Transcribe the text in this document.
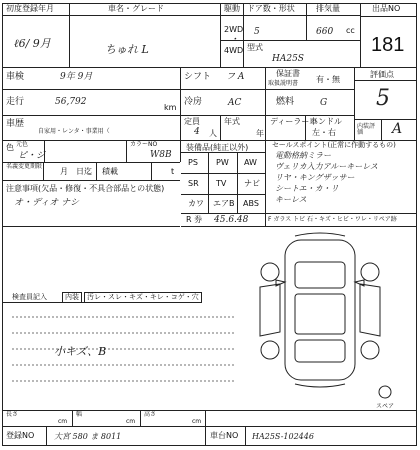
初度登録年月	車名・グレード	駆動 ドア数・形状	排気量	出品NO
181
2WD
4WD
・
ℓ6/ 9月	ちゅれ L
5	660 cc
型式
HA25S
車検	9年 9月	シフト フ A	保証書
取扱説明書 有・無
評価点
5
走行	56,792
km
冷房	AC	燃料	G
車歴
自家用・レンタ・事業用（
定員
4 人
年式
年
ディーラー車
ハンドル
左・右
内装評価	A
色 元色
ピ・ジ
カラーNO
W8B
名義変更期限
月 日迄 積載	t
注意事項(欠品・修復・不具合部品との状態)
オ・ディオ ナシ
装備品(純正以外)
PS PW AW
SR TV ナビ
カワ エアB ABS
R 券 45.6.48
セールスポイント(正常に作動するもの)
電動格納ミラー
ヴェリカ入力アルーキーレス
リヤ・キングザッサー
シートエ・カ・リ
キーレス
F ガラス トビ 石・キズ・ヒビ・ワレ・リペア跡
検査員記入	内装	汚レ・スレ・キズ・キレ・コゲ・穴
小キズ、B
スペア
長さ
cm
幅
cm
高さ
cm
登録NO 大宮 580 ま 8011	車台NO HA25S-102446
